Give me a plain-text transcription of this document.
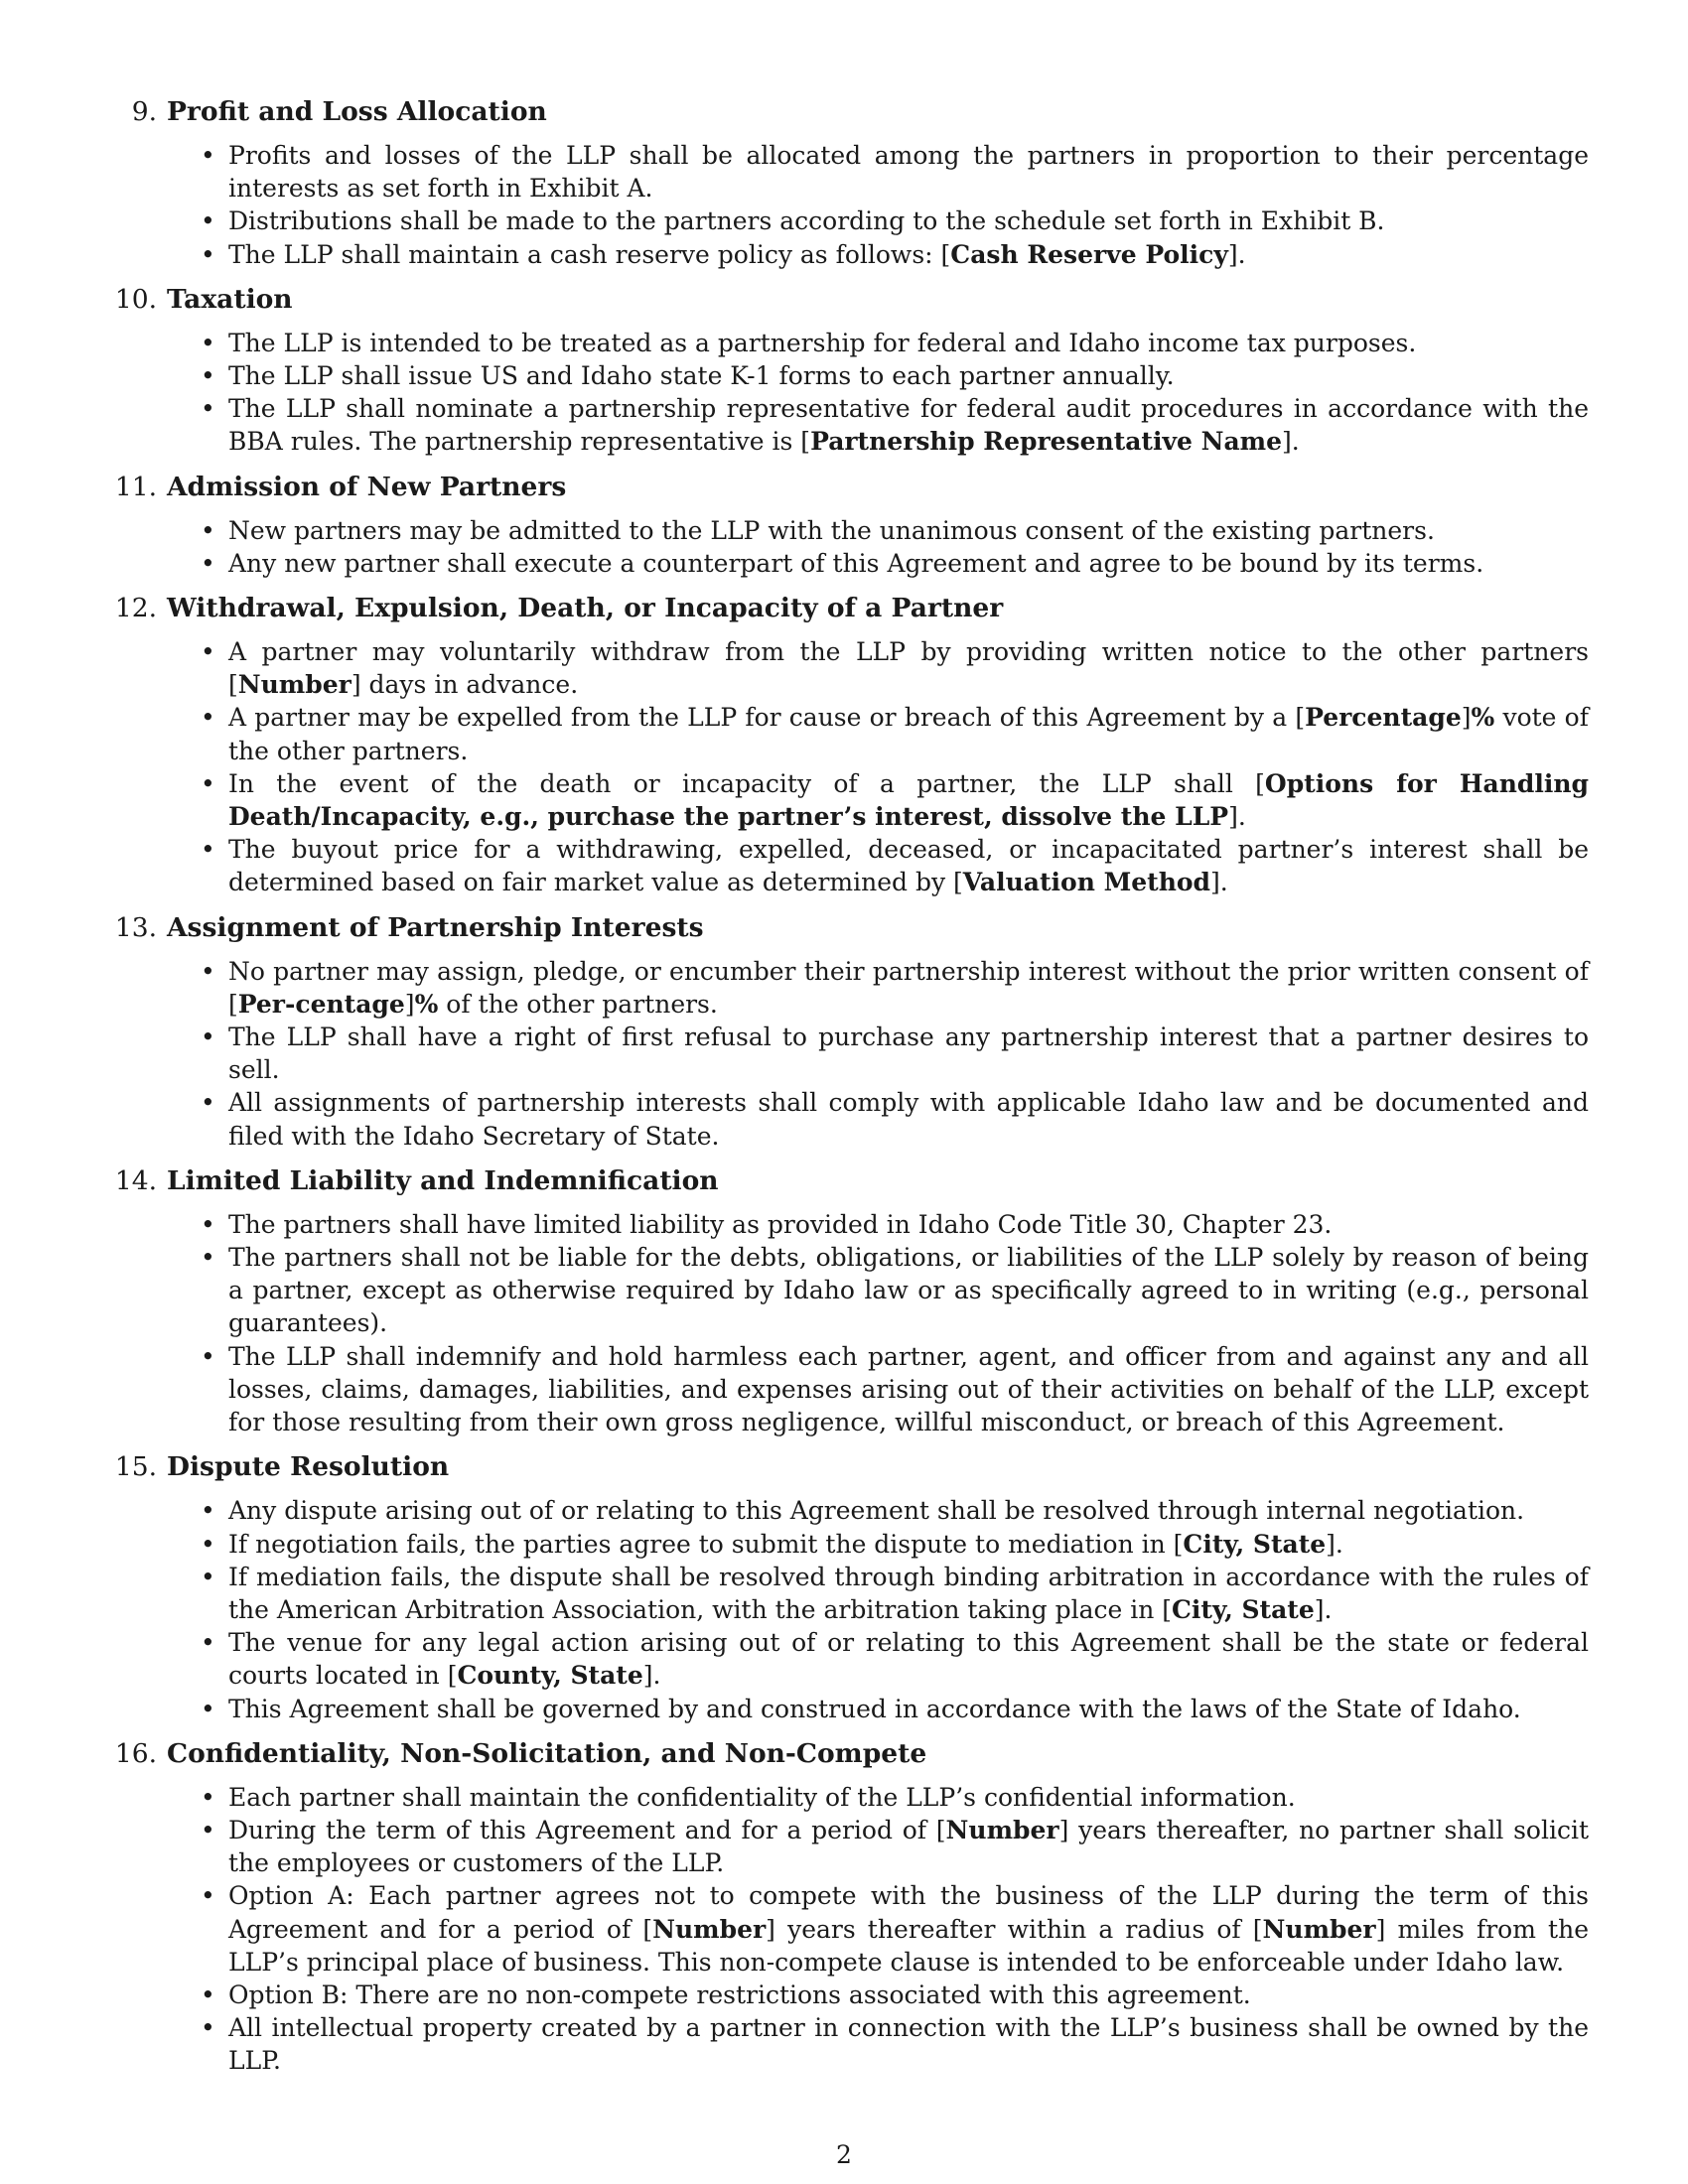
9. Profit and Loss Allocation
• Profits and losses of the LLP shall be allocated among the partners in proportion to their percentage interests as set forth in Exhibit A.
• Distributions shall be made to the partners according to the schedule set forth in Exhibit B.
• The LLP shall maintain a cash reserve policy as follows: [Cash Reserve Policy].
10. Taxation
• The LLP is intended to be treated as a partnership for federal and Idaho income tax purposes.
• The LLP shall issue US and Idaho state K-1 forms to each partner annually.
• The LLP shall nominate a partnership representative for federal audit procedures in accordance with the BBA rules. The partnership representative is [Partnership Representative Name].
11. Admission of New Partners
• New partners may be admitted to the LLP with the unanimous consent of the existing partners.
• Any new partner shall execute a counterpart of this Agreement and agree to be bound by its terms.
12. Withdrawal, Expulsion, Death, or Incapacity of a Partner
• A partner may voluntarily withdraw from the LLP by providing written notice to the other partners [Number] days in advance.
• A partner may be expelled from the LLP for cause or breach of this Agreement by a [Percentage]% vote of the other partners.
• In the event of the death or incapacity of a partner, the LLP shall [Options for Handling Death/Incapacity, e.g., purchase the partner’s interest, dissolve the LLP].
• The buyout price for a withdrawing, expelled, deceased, or incapacitated partner’s interest shall be determined based on fair market value as determined by [Valuation Method].
13. Assignment of Partnership Interests
• No partner may assign, pledge, or encumber their partnership interest without the prior written consent of [Per-centage]% of the other partners.
• The LLP shall have a right of first refusal to purchase any partnership interest that a partner desires to sell.
• All assignments of partnership interests shall comply with applicable Idaho law and be documented and filed with the Idaho Secretary of State.
14. Limited Liability and Indemnification
• The partners shall have limited liability as provided in Idaho Code Title 30, Chapter 23.
• The partners shall not be liable for the debts, obligations, or liabilities of the LLP solely by reason of being a partner, except as otherwise required by Idaho law or as specifically agreed to in writing (e.g., personal guarantees).
• The LLP shall indemnify and hold harmless each partner, agent, and officer from and against any and all losses, claims, damages, liabilities, and expenses arising out of their activities on behalf of the LLP, except for those resulting from their own gross negligence, willful misconduct, or breach of this Agreement.
15. Dispute Resolution
• Any dispute arising out of or relating to this Agreement shall be resolved through internal negotiation.
• If negotiation fails, the parties agree to submit the dispute to mediation in [City, State].
• If mediation fails, the dispute shall be resolved through binding arbitration in accordance with the rules of the American Arbitration Association, with the arbitration taking place in [City, State].
• The venue for any legal action arising out of or relating to this Agreement shall be the state or federal courts located in [County, State].
• This Agreement shall be governed by and construed in accordance with the laws of the State of Idaho.
16. Confidentiality, Non-Solicitation, and Non-Compete
• Each partner shall maintain the confidentiality of the LLP’s confidential information.
• During the term of this Agreement and for a period of [Number] years thereafter, no partner shall solicit the employees or customers of the LLP.
• Option A: Each partner agrees not to compete with the business of the LLP during the term of this Agreement and for a period of [Number] years thereafter within a radius of [Number] miles from the LLP’s principal place of business. This non-compete clause is intended to be enforceable under Idaho law.
• Option B: There are no non-compete restrictions associated with this agreement.
• All intellectual property created by a partner in connection with the LLP’s business shall be owned by the LLP.
2
